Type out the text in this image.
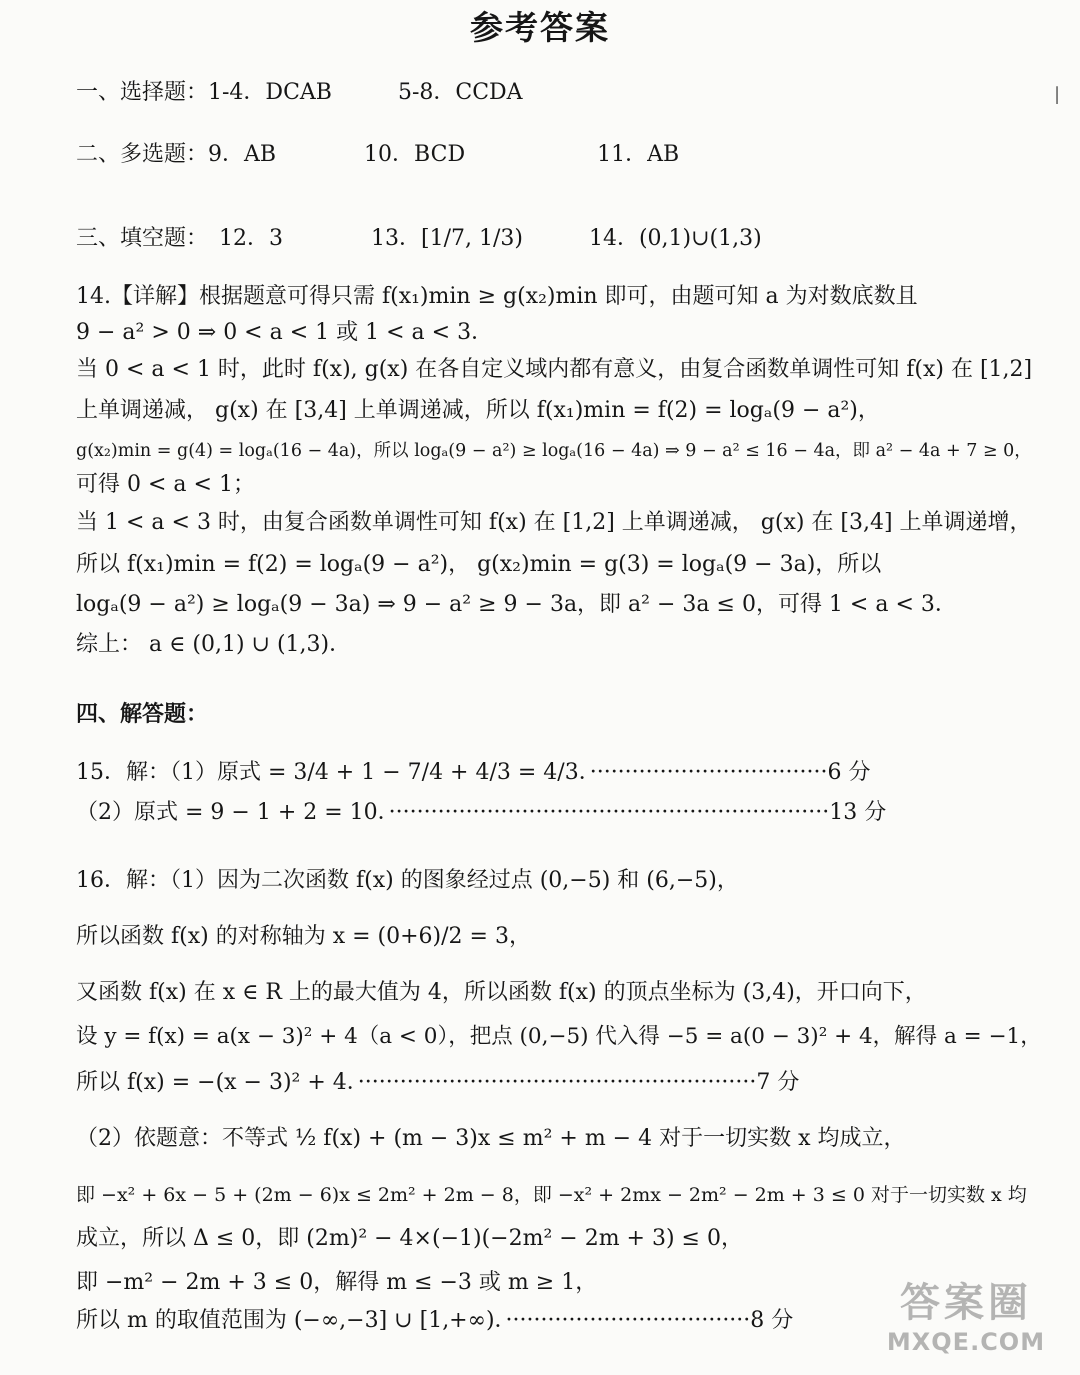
参考答案
|
一、选择题：1-4．DCAB　　　5-8．CCDA
二、多选题：9．AB　　　　10．BCD　　　　　　11．AB
三、填空题：　12．3　　　　13．[1/7, 1/3)　　　14．(0,1)∪(1,3)
14.【详解】根据题意可得只需 f(x₁)min ≥ g(x₂)min 即可，由题可知 a 为对数底数且
9 − a² > 0 ⇒ 0 < a < 1 或 1 < a < 3．
当 0 < a < 1 时，此时 f(x), g(x) 在各自定义域内都有意义，由复合函数单调性可知 f(x) 在 [1,2]
上单调递减， g(x) 在 [3,4] 上单调递减，所以 f(x₁)min = f(2) = logₐ(9 − a²)，
g(x₂)min = g(4) = logₐ(16 − 4a)，所以 logₐ(9 − a²) ≥ logₐ(16 − 4a) ⇒ 9 − a² ≤ 16 − 4a，即 a² − 4a + 7 ≥ 0，
可得 0 < a < 1；
当 1 < a < 3 时，由复合函数单调性可知 f(x) 在 [1,2] 上单调递减， g(x) 在 [3,4] 上单调递增，
所以 f(x₁)min = f(2) = logₐ(9 − a²)， g(x₂)min = g(3) = logₐ(9 − 3a)，所以
logₐ(9 − a²) ≥ logₐ(9 − 3a) ⇒ 9 − a² ≥ 9 − 3a，即 a² − 3a ≤ 0，可得 1 < a < 3．
综上： a ∈ (0,1) ∪ (1,3)．
四、解答题：
15．解：（1）原式 = 3/4 + 1 − 7/4 + 4/3 = 4/3．··································6 分
（2）原式 = 9 − 1 + 2 = 10．·······························································13 分
16．解：（1）因为二次函数 f(x) 的图象经过点 (0,−5) 和 (6,−5)，
所以函数 f(x) 的对称轴为 x = (0+6)/2 = 3，
又函数 f(x) 在 x ∈ R 上的最大值为 4，所以函数 f(x) 的顶点坐标为 (3,4)，开口向下，
设 y = f(x) = a(x − 3)² + 4（a < 0），把点 (0,−5) 代入得 −5 = a(0 − 3)² + 4，解得 a = −1，
所以 f(x) = −(x − 3)² + 4．·························································7 分
（2）依题意：不等式 ½ f(x) + (m − 3)x ≤ m² + m − 4 对于一切实数 x 均成立，
即 −x² + 6x − 5 + (2m − 6)x ≤ 2m² + 2m − 8，即 −x² + 2mx − 2m² − 2m + 3 ≤ 0 对于一切实数 x 均
成立，所以 Δ ≤ 0，即 (2m)² − 4×(−1)(−2m² − 2m + 3) ≤ 0，
即 −m² − 2m + 3 ≤ 0，解得 m ≤ −3 或 m ≥ 1，
所以 m 的取值范围为 (−∞,−3] ∪ [1,+∞)．···································8 分	答案圈
MXQE.COM
